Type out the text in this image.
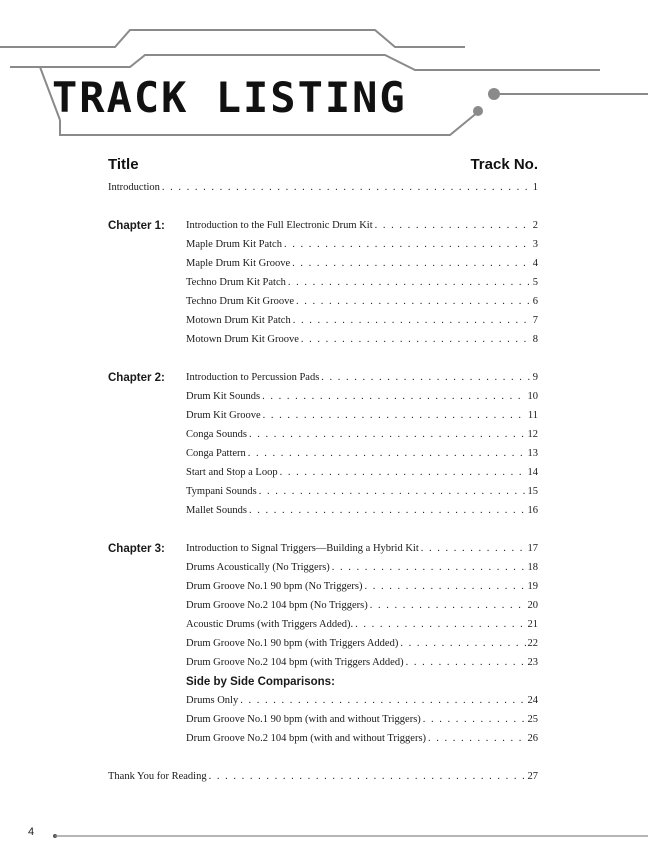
TRACK LISTING
Title	Track No.
Introduction . . .	1
Chapter 1: Introduction to the Full Electronic Drum Kit . . .	2
Maple Drum Kit Patch . . .	3
Maple Drum Kit Groove . . .	4
Techno Drum Kit Patch . . .	5
Techno Drum Kit Groove . . .	6
Motown Drum Kit Patch . . .	7
Motown Drum Kit Groove . . .	8
Chapter 2: Introduction to Percussion Pads . . .	9
Drum Kit Sounds . . .	10
Drum Kit Groove . . .	11
Conga Sounds . . .	12
Conga Pattern . . .	13
Start and Stop a Loop . . .	14
Tympani Sounds . . .	15
Mallet Sounds . . .	16
Chapter 3: Introduction to Signal Triggers—Building a Hybrid Kit . . .	17
Drums Acoustically (No Triggers) . . .	18
Drum Groove No.1 90 bpm (No Triggers) . . .	19
Drum Groove No.2 104 bpm (No Triggers) . . .	20
Acoustic Drums (with Triggers Added). . . .	21
Drum Groove No.1 90 bpm (with Triggers Added) . . .	22
Drum Groove No.2 104 bpm (with Triggers Added) . . .	23
Side by Side Comparisons:
Drums Only . . .	24
Drum Groove No.1 90 bpm (with and without Triggers) . . .	25
Drum Groove No.2 104 bpm (with and without Triggers) . . .	26
Thank You for Reading . . .	27
4
